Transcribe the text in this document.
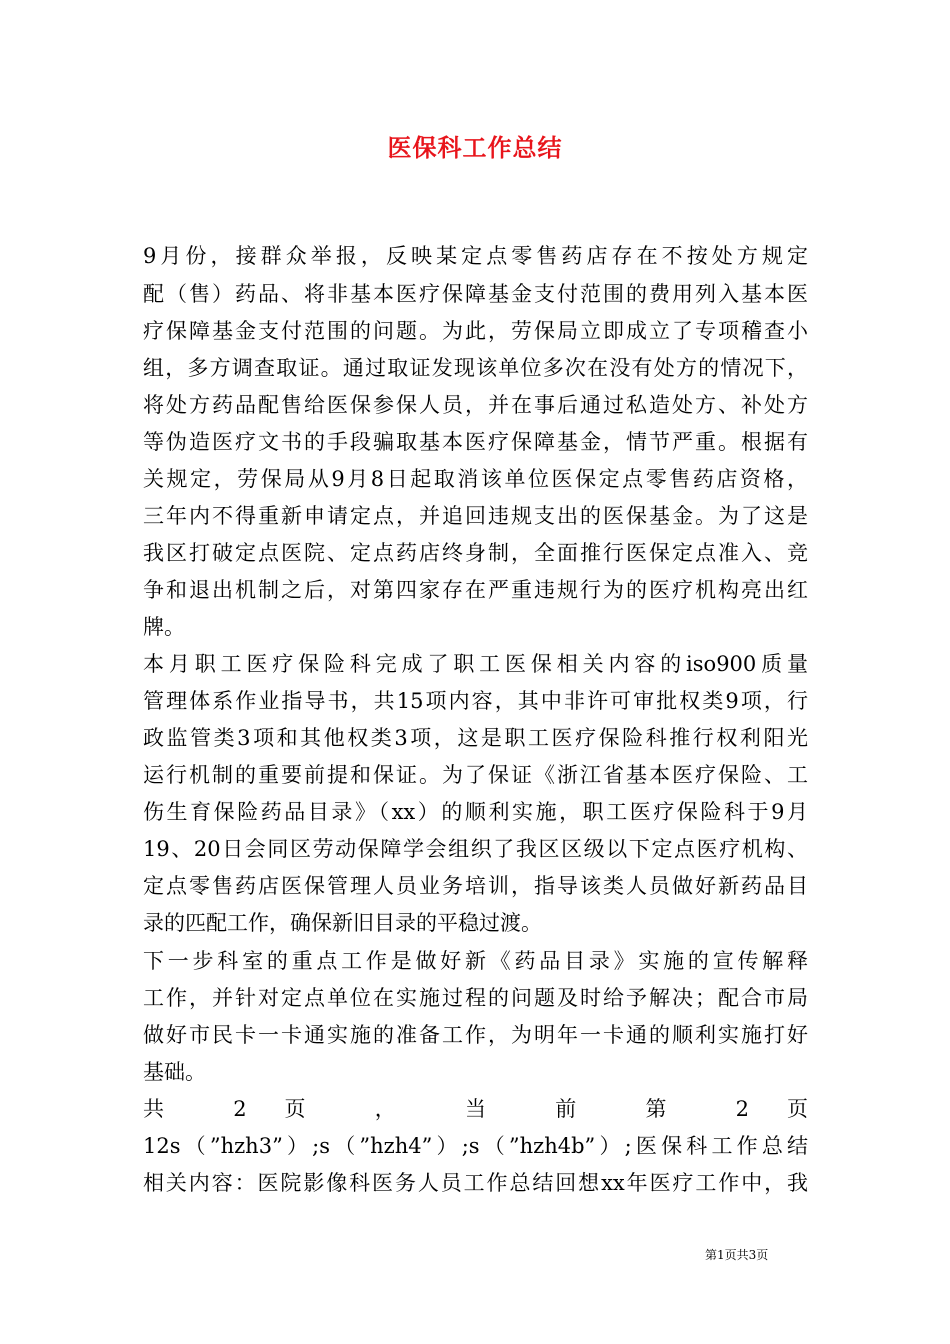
医保科工作总结
9月份，接群众举报，反映某定点零售药店存在不按处方规定
配（售）药品、将非基本医疗保障基金支付范围的费用列入基本医
疗保障基金支付范围的问题。为此，劳保局立即成立了专项稽查小
组，多方调查取证。通过取证发现该单位多次在没有处方的情况下，
将处方药品配售给医保参保人员，并在事后通过私造处方、补处方
等伪造医疗文书的手段骗取基本医疗保障基金，情节严重。根据有
关规定，劳保局从9月8日起取消该单位医保定点零售药店资格，
三年内不得重新申请定点，并追回违规支出的医保基金。为了这是
我区打破定点医院、定点药店终身制，全面推行医保定点准入、竞
争和退出机制之后，对第四家存在严重违规行为的医疗机构亮出红
牌。
本月职工医疗保险科完成了职工医保相关内容的iso900质量
管理体系作业指导书，共15项内容，其中非许可审批权类9项，行
政监管类3项和其他权类3项，这是职工医疗保险科推行权利阳光
运行机制的重要前提和保证。为了保证《浙江省基本医疗保险、工
伤生育保险药品目录》（xx）的顺利实施，职工医疗保险科于9月
19、20日会同区劳动保障学会组织了我区区级以下定点医疗机构、
定点零售药店医保管理人员业务培训，指导该类人员做好新药品目
录的匹配工作，确保新旧目录的平稳过渡。
下一步科室的重点工作是做好新《药品目录》实施的宣传解释
工作，并针对定点单位在实施过程的问题及时给予解决；配合市局
做好市民卡一卡通实施的准备工作，为明年一卡通的顺利实施打好
基础。
共 2 页 ， 当 前 第 2 页
12s（”hzh3”）;s（”hzh4”）;s（”hzh4b”）;医保科工作总结
相关内容：医院影像科医务人员工作总结回想xx年医疗工作中，我
第1页共3页
